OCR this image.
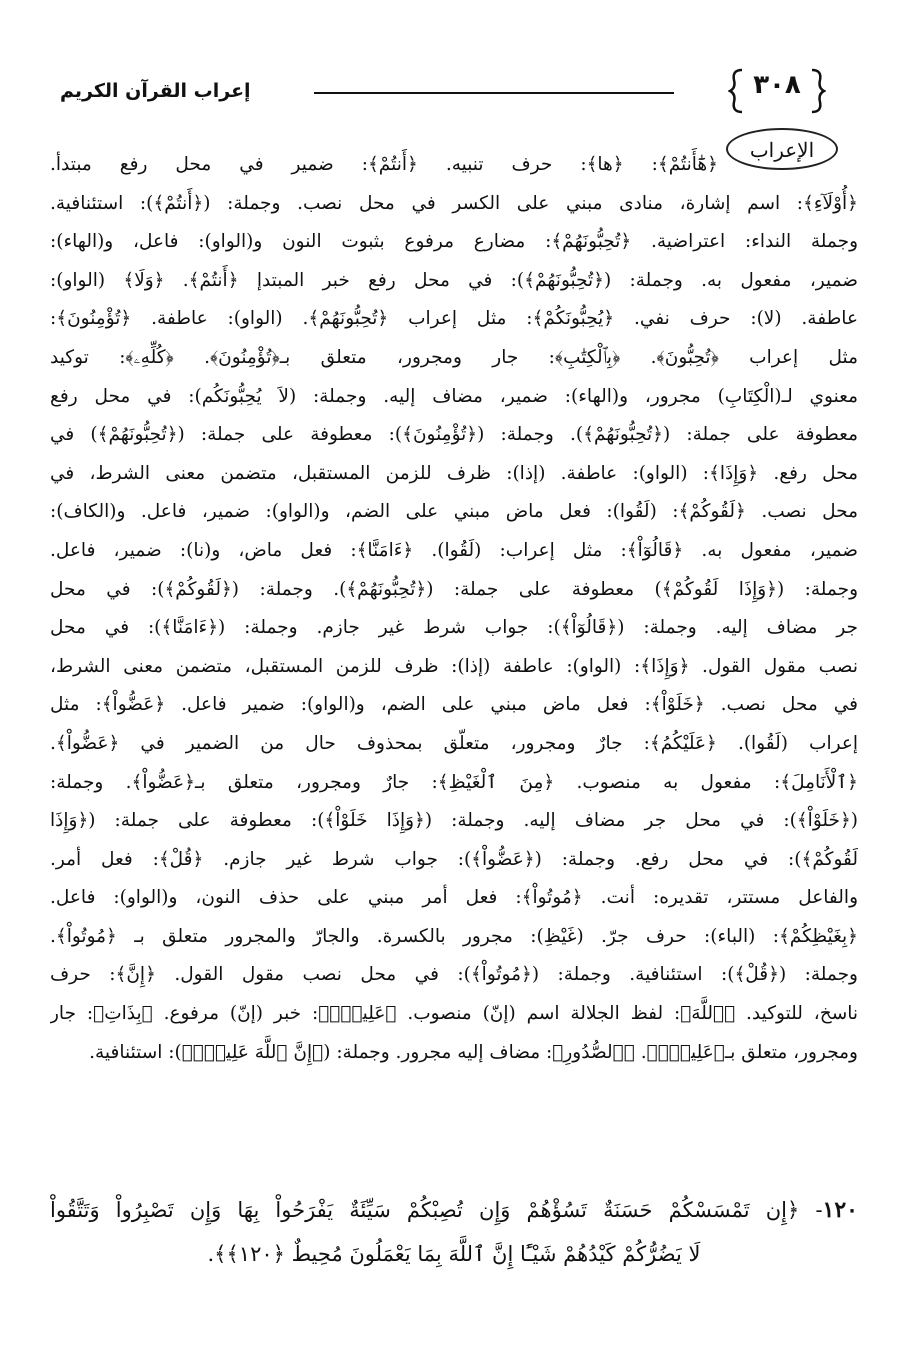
إعراب القرآن الكريم	٣٠٨
الإعراب

﴿هَٰٓأَنتُمْ﴾: ﴿ها﴾: حرف تنبيه. ﴿أَنتُمْ﴾: ضمير في محل رفع مبتدأ.

﴿أُوْلَآءِ﴾: اسم إشارة، منادى مبني على الكسر في محل نصب. وجملة: (﴿أَنتُمْ﴾): استئنافية.

وجملة النداء: اعتراضية. ﴿تُحِبُّونَهُمْ﴾: مضارع مرفوع بثبوت النون و(الواو): فاعل، و(الهاء):

ضمير، مفعول به. وجملة: (﴿تُحِبُّونَهُمْ﴾): في محل رفع خبر المبتدإ ﴿أَنتُمْ﴾. ﴿وَلَا﴾ (الواو):

عاطفة. (لا): حرف نفي. ﴿يُحِبُّونَكُمْ﴾: مثل إعراب ﴿تُحِبُّونَهُمْ﴾. (الواو): عاطفة. ﴿تُؤْمِنُونَ﴾:

مثل إعراب ﴿تُحِبُّونَ﴾. ﴿بِٱلْكِتَٰبِ﴾: جار ومجرور، متعلق بـ﴿تُؤْمِنُونَ﴾. ﴿كُلِّهِۦ﴾: توكيد

معنوي لـ(الْكِتَابِ) مجرور، و(الهاء): ضمير، مضاف إليه. وجملة: (لاَ يُحِبُّونَكُم): في محل رفع

معطوفة على جملة: (﴿تُحِبُّونَهُمْ﴾). وجملة: (﴿تُؤْمِنُونَ﴾): معطوفة على جملة: (﴿تُحِبُّونَهُمْ﴾) في

محل رفع. ﴿وَإِذَا﴾: (الواو): عاطفة. (إذا): ظرف للزمن المستقبل، متضمن معنى الشرط، في

محل نصب. ﴿لَقُوكُمْ﴾: (لَقُوا): فعل ماض مبني على الضم، و(الواو): ضمير، فاعل. و(الكاف):

ضمير، مفعول به. ﴿قَالُوٓاْ﴾: مثل إعراب: (لَقُوا). ﴿ءَامَنَّا﴾: فعل ماض، و(نا): ضمير، فاعل.

وجملة: (﴿وَإِذَا لَقُوكُمْ﴾) معطوفة على جملة: (﴿تُحِبُّونَهُمْ﴾). وجملة: (﴿لَقُوكُمْ﴾): في محل

جر مضاف إليه. وجملة: (﴿قَالُوٓاْ﴾): جواب شرط غير جازم. وجملة: (﴿ءَامَنَّا﴾): في محل

نصب مقول القول. ﴿وَإِذَا﴾: (الواو): عاطفة (إذا): ظرف للزمن المستقبل، متضمن معنى الشرط،

في محل نصب. ﴿خَلَوْاْ﴾: فعل ماض مبني على الضم، و(الواو): ضمير فاعل. ﴿عَضُّواْ﴾: مثل

إعراب (لَقُوا). ﴿عَلَيْكُمُ﴾: جارٌ ومجرور، متعلّق بمحذوف حال من الضمير في ﴿عَضُّواْ﴾.

﴿ٱلْأَنَامِلَ﴾: مفعول به منصوب. ﴿مِنَ ٱلْغَيْظِ﴾: جارٌ ومجرور، متعلق بـ﴿عَضُّواْ﴾. وجملة:

(﴿خَلَوْاْ﴾): في محل جر مضاف إليه. وجملة: (﴿وَإِذَا خَلَوْاْ﴾): معطوفة على جملة: (﴿وَإِذَا

لَقُوكُمْ﴾): في محل رفع. وجملة: (﴿عَضُّواْ﴾): جواب شرط غير جازم. ﴿قُلْ﴾: فعل أمر.

والفاعل مستتر، تقديره: أنت. ﴿مُوتُواْ﴾: فعل أمر مبني على حذف النون، و(الواو): فاعل.

﴿بِغَيْظِكُمْ﴾: (الباء): حرف جرّ. (غَيْظِ): مجرور بالكسرة. والجارّ والمجرور متعلق بـ ﴿مُوتُواْ﴾.

وجملة: (﴿قُلْ﴾): استئنافية. وجملة: (﴿مُوتُواْ﴾): في محل نصب مقول القول. ﴿إِنَّ﴾: حرف

ناسخ، للتوكيد. ﴿ٱللَّهَ﴾: لفظ الجلالة اسم (إنّ) منصوب. ﴿عَلِيمٌۢ﴾: خبر (إنّ) مرفوع. ﴿بِذَاتِ﴾: جار

ومجرور، متعلق بـ﴿عَلِيمٌۢ﴾. ﴿ٱلصُّدُورِ﴾: مضاف إليه مجرور. وجملة: (﴿إِنَّ ٱللَّهَ عَلِيمٌۢ﴾): استئنافية.

١٢٠- ﴿إِن تَمْسَسْكُمْ حَسَنَةٌ تَسُؤْهُمْ وَإِن تُصِبْكُمْ سَيِّئَةٌ يَفْرَحُواْ بِهَا وَإِن تَصْبِرُواْ وَتَتَّقُواْ

لَا يَضُرُّكُمْ كَيْدُهُمْ شَيْـًٔا إِنَّ ٱللَّهَ بِمَا يَعْمَلُونَ مُحِيطٌ ﴿١٢٠﴾﴾.
